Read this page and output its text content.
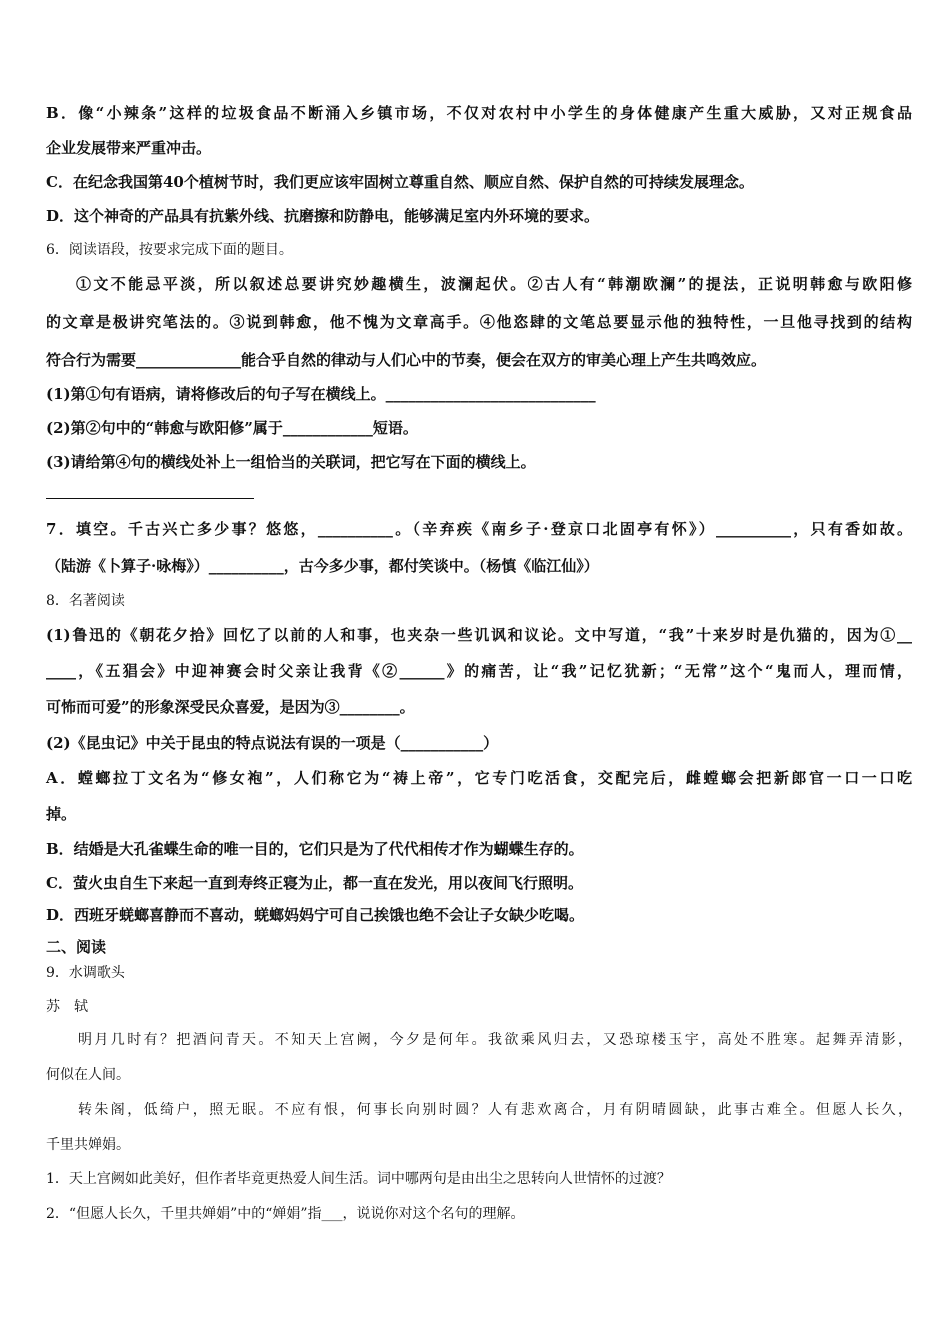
B．像“小辣条”这样的垃圾食品不断涌入乡镇市场，不仅对农村中小学生的身体健康产生重大威胁，又对正规食品
企业发展带来严重冲击。
C．在纪念我国第40个植树节时，我们更应该牢固树立尊重自然、顺应自然、保护自然的可持续发展理念。
D．这个神奇的产品具有抗紫外线、抗磨擦和防静电，能够满足室内外环境的要求。
6．阅读语段，按要求完成下面的题目。
①文不能忌平淡，所以叙述总要讲究妙趣横生，波澜起伏。②古人有“韩潮欧澜”的提法，正说明韩愈与欧阳修
的文章是极讲究笔法的。③说到韩愈，他不愧为文章高手。④他恣肆的文笔总要显示他的独特性，一旦他寻找到的结构
符合行为需要______________能合乎自然的律动与人们心中的节奏，便会在双方的审美心理上产生共鸣效应。
(1)第①句有语病，请将修改后的句子写在横线上。____________________________
(2)第②句中的“韩愈与欧阳修”属于____________短语。
(3)请给第④句的横线处补上一组恰当的关联词，把它写在下面的横线上。
7．填空。千古兴亡多少事？悠悠，__________。（辛弃疾《南乡子·登京口北固亭有怀》）__________，只有香如故。
（陆游《卜算子·咏梅》）__________，古今多少事，都付笑谈中。（杨慎《临江仙》）
8．名著阅读
(1)鲁迅的《朝花夕拾》回忆了以前的人和事，也夹杂一些讥讽和议论。文中写道，“我”十来岁时是仇猫的，因为①__
____，《五猖会》中迎神赛会时父亲让我背《②______》的痛苦，让“我”记忆犹新；“无常”这个“鬼而人，理而情，
可怖而可爱”的形象深受民众喜爱，是因为③________。
(2)《昆虫记》中关于昆虫的特点说法有误的一项是（___________）
A．螳螂拉丁文名为“修女袍”，人们称它为“祷上帝”，它专门吃活食，交配完后，雌螳螂会把新郎官一口一口吃
掉。
B．结婚是大孔雀蝶生命的唯一目的，它们只是为了代代相传才作为蝴蝶生存的。
C．萤火虫自生下来起一直到寿终正寝为止，都一直在发光，用以夜间飞行照明。
D．西班牙蜣螂喜静而不喜动，蜣螂妈妈宁可自己挨饿也绝不会让子女缺少吃喝。
二、阅读
9．水调歌头
苏　轼
明月几时有？把酒问青天。不知天上宫阙，今夕是何年。我欲乘风归去，又恐琼楼玉宇，高处不胜寒。起舞弄清影，
何似在人间。
转朱阁，低绮户，照无眠。不应有恨，何事长向别时圆？人有悲欢离合，月有阴晴圆缺，此事古难全。但愿人长久，
千里共婵娟。
1．天上宫阙如此美好，但作者毕竟更热爱人间生活。词中哪两句是由出尘之思转向人世情怀的过渡？
2．“但愿人长久，千里共婵娟”中的“婵娟”指___，说说你对这个名句的理解。
